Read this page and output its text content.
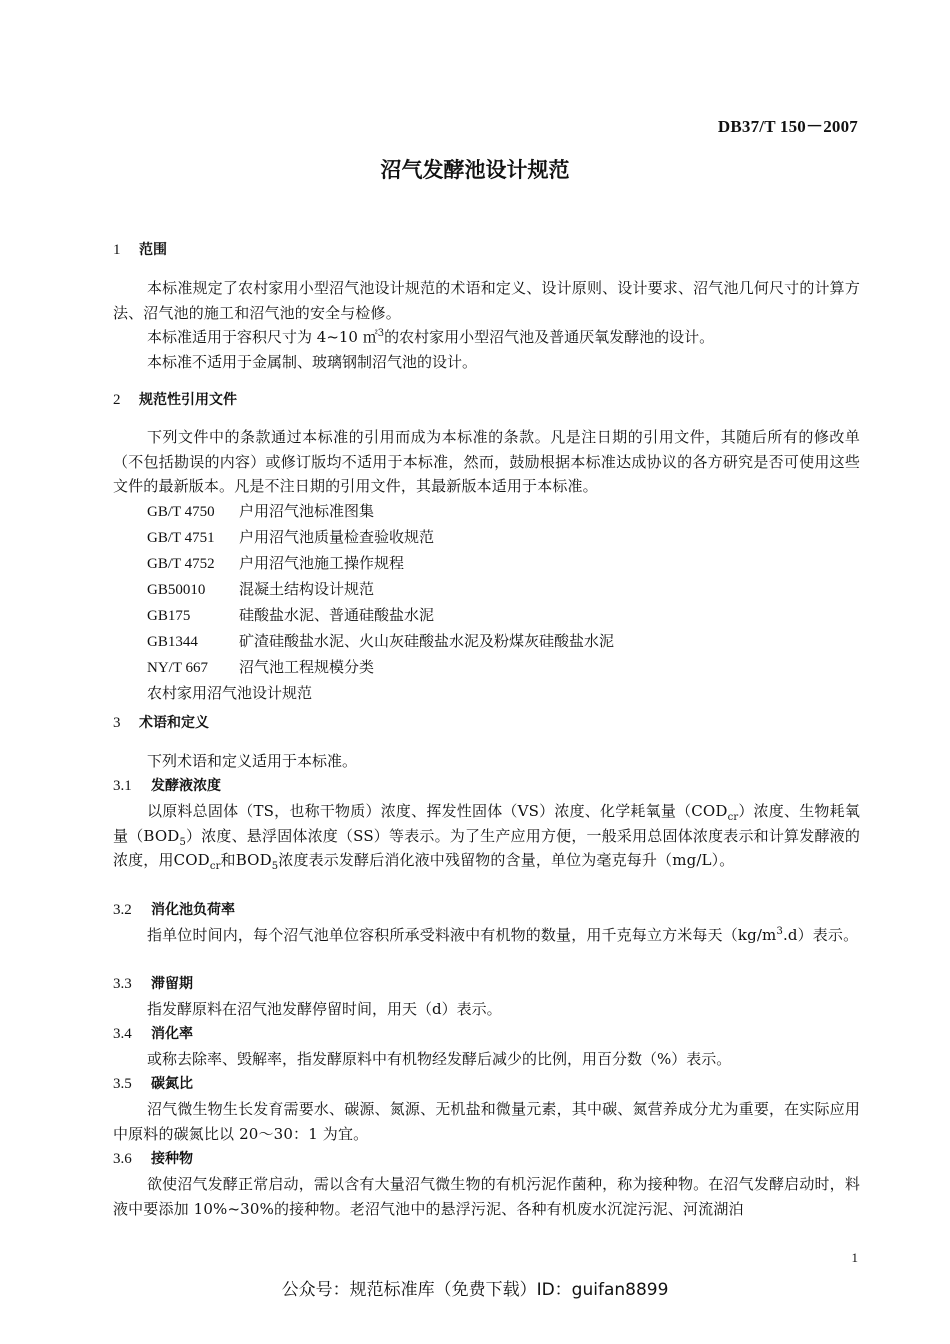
DB37/T 150－2007
沼气发酵池设计规范
1 范围
本标准规定了农村家用小型沼气池设计规范的术语和定义、设计原则、设计要求、沼气池几何尺寸的计算方法、沼气池的施工和沼气池的安全与检修。
本标准适用于容积尺寸为 4~10 ㎡$^3$的农村家用小型沼气池及普通厌氧发酵池的设计。
本标准不适用于金属制、玻璃钢制沼气池的设计。
2 规范性引用文件
下列文件中的条款通过本标准的引用而成为本标准的条款。凡是注日期的引用文件，其随后所有的修改单（不包括勘误的内容）或修订版均不适用于本标准，然而，鼓励根据本标准达成协议的各方研究是否可使用这些文件的最新版本。凡是不注日期的引用文件，其最新版本适用于本标准。
GB/T 4750 户用沼气池标准图集
GB/T 4751 户用沼气池质量检查验收规范
GB/T 4752 户用沼气池施工操作规程
GB50010 混凝土结构设计规范
GB175	硅酸盐水泥、普通硅酸盐水泥
GB1344	矿渣硅酸盐水泥、火山灰硅酸盐水泥及粉煤灰硅酸盐水泥
NY/T 667 沼气池工程规模分类
农村家用沼气池设计规范
3 术语和定义
下列术语和定义适用于本标准。
3.1 发酵液浓度
以原料总固体（TS，也称干物质）浓度、挥发性固体（VS）浓度、化学耗氧量$(COD_{cr})$浓度、生物耗氧量$(BOD_5)$浓度、悬浮固体浓度（SS）等表示。为了生产应用方便，一般采用总固体浓度表示和计算发酵液的浓度，用$COD_{cr}$和$BOD_5$浓度表示发酵后消化液中残留物的含量，单位为毫克每升（mg/L）。
3.2 消化池负荷率
指单位时间内，每个沼气池单位容积所承受料液中有机物的数量，用千克每立方米每天$(kg/m^3.d)$表示。
3.3 滞留期
指发酵原料在沼气池发酵停留时间，用天（d）表示。
3.4 消化率
或称去除率、毁解率，指发酵原料中有机物经发酵后减少的比例，用百分数（%）表示。
3.5 碳氮比
沼气微生物生长发育需要水、碳源、氮源、无机盐和微量元素，其中碳、氮营养成分尤为重要，在实际应用中原料的碳氮比以 20～30：1 为宜。
3.6 接种物
欲使沼气发酵正常启动，需以含有大量沼气微生物的有机污泥作菌种，称为接种物。在沼气发酵启动时，料液中要添加 10%~30%的接种物。老沼气池中的悬浮污泥、各种有机废水沉淀污泥、河流湖泊
1
公众号：规范标准库（免费下载）ID：guifan8899
